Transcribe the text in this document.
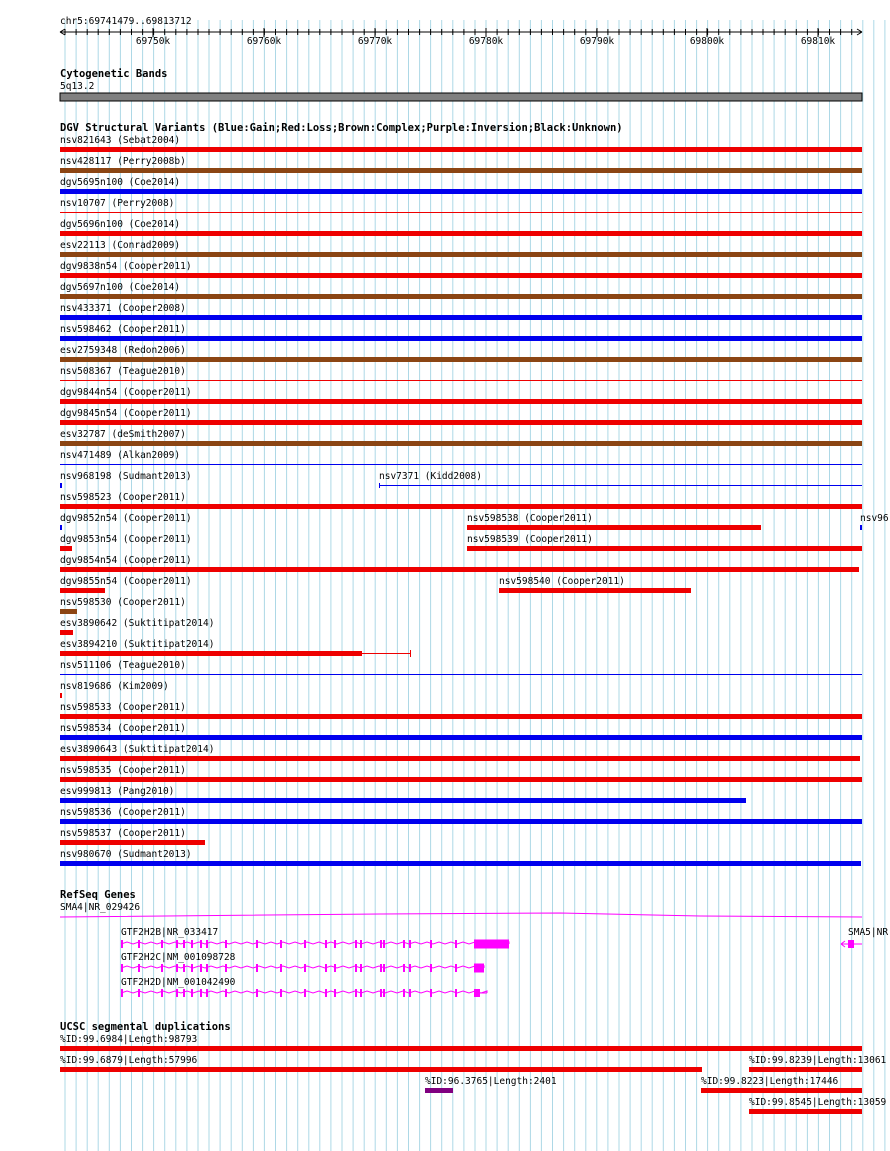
chr5:69741479..69813712
69750k	69760k	69770k	69780k	69790k	69800k	69810k
Cytogenetic Bands
5q13.2
DGV Structural Variants (Blue:Gain;Red:Loss;Brown:Complex;Purple:Inversion;Black:Unknown)
nsv821643 (Sebat2004)
nsv428117 (Perry2008b)
dgv5695n100 (Coe2014)
nsv10707 (Perry2008)
dgv5696n100 (Coe2014)
esv22113 (Conrad2009)
dgv9838n54 (Cooper2011)
dgv5697n100 (Coe2014)
nsv433371 (Cooper2008)
nsv598462 (Cooper2011)
esv2759348 (Redon2006)
nsv508367 (Teague2010)
dgv9844n54 (Cooper2011)
dgv9845n54 (Cooper2011)
esv32787 (deSmith2007)
nsv471489 (Alkan2009)
nsv968198 (Sudmant2013)	nsv7371 (Kidd2008)
nsv598523 (Cooper2011)
dgv9852n54 (Cooper2011)	nsv598538 (Cooper2011)	nsv96
dgv9853n54 (Cooper2011)	nsv598539 (Cooper2011)
dgv9854n54 (Cooper2011)
dgv9855n54 (Cooper2011)	nsv598540 (Cooper2011)
nsv598530 (Cooper2011)
esv3890642 (Suktitipat2014)
esv3894210 (Suktitipat2014)
nsv511106 (Teague2010)
nsv819686 (Kim2009)
nsv598533 (Cooper2011)
nsv598534 (Cooper2011)
esv3890643 (Suktitipat2014)
nsv598535 (Cooper2011)
esv999813 (Pang2010)
nsv598536 (Cooper2011)
nsv598537 (Cooper2011)
nsv980670 (Sudmant2013)
RefSeq Genes
SMA4|NR_029426
GTF2H2B|NR_033417	SMA5|NR
GTF2H2C|NM_001098728
GTF2H2D|NM_001042490
UCSC segmental duplications
%ID:99.6984|Length:98793
%ID:99.6879|Length:57996	%ID:99.8239|Length:13061
%ID:96.3765|Length:2401	%ID:99.8223|Length:17446
%ID:99.8545|Length:13059
